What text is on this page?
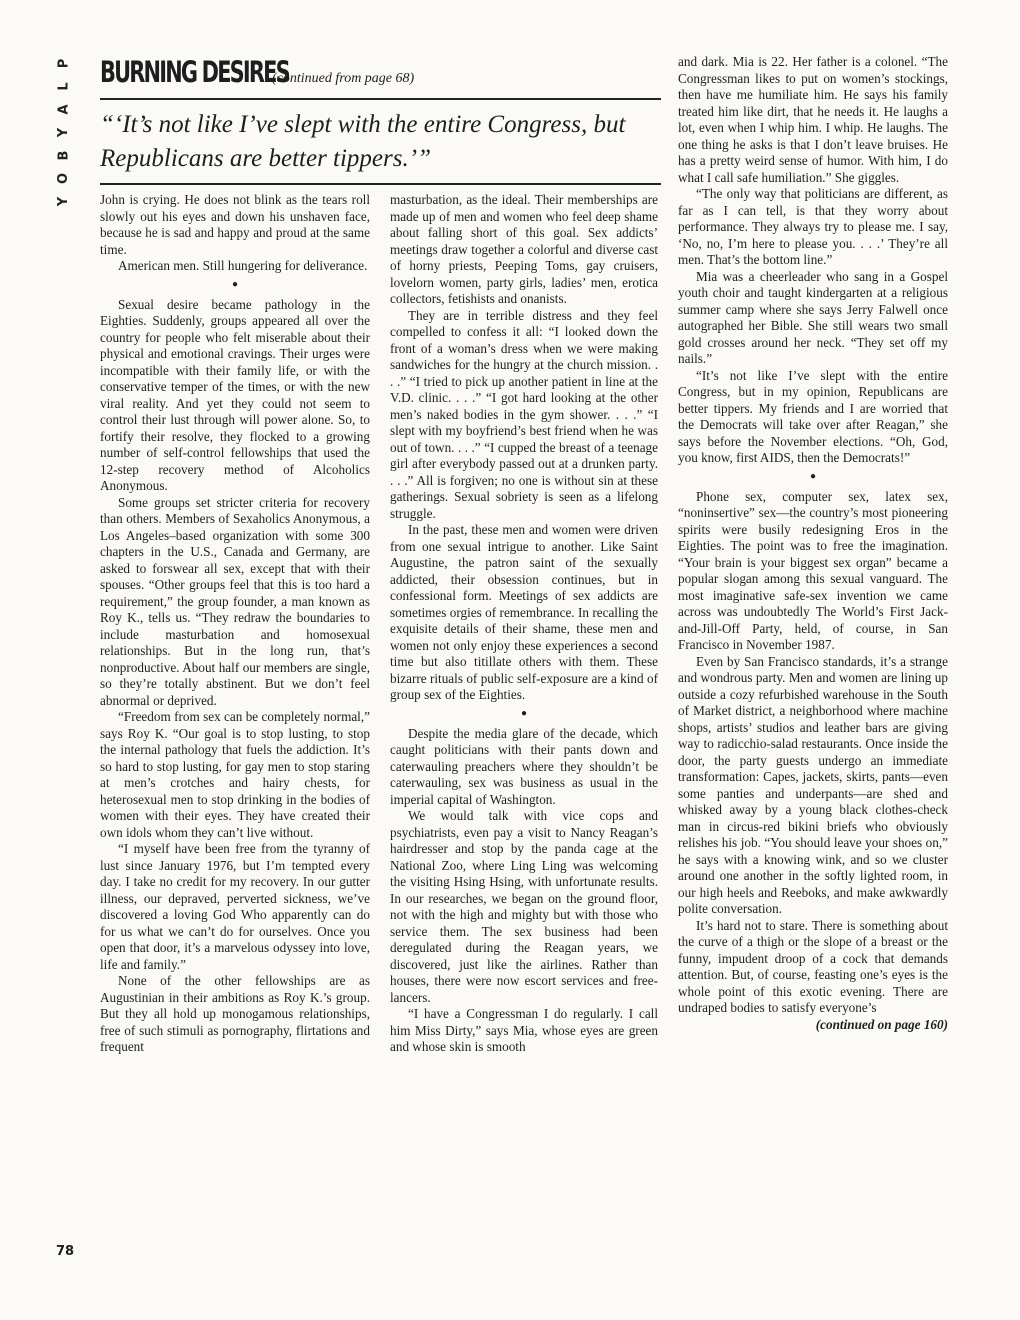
P
L
A
Y
B
O
Y
78
BURNING DESIRES
(continued from page 68)
“‘It’s not like I’ve slept with the entire Congress, but Republicans are better tippers.’”

John is crying. He does not blink as the tears roll slowly out his eyes and down his unshaven face, because he is sad and happy and proud at the same time.

American men. Still hungering for deliverance.

●

Sexual desire became pathology in the Eighties. Suddenly, groups appeared all over the country for people who felt miserable about their physical and emotional cravings. Their urges were incompatible with their family life, or with the conservative temper of the times, or with the new viral reality. And yet they could not seem to control their lust through will power alone. So, to fortify their resolve, they flocked to a growing number of self-control fellowships that used the 12-step recovery method of Alcoholics Anonymous.

Some groups set stricter criteria for recovery than others. Members of Sexaholics Anonymous, a Los Angeles–based organization with some 300 chapters in the U.S., Canada and Germany, are asked to forswear all sex, except that with their spouses. “Other groups feel that this is too hard a requirement,” the group founder, a man known as Roy K., tells us. “They redraw the boundaries to include masturbation and homosexual relationships. But in the long run, that’s nonproductive. About half our members are single, so they’re totally abstinent. But we don’t feel abnormal or deprived.

“Freedom from sex can be completely normal,” says Roy K. “Our goal is to stop lusting, to stop the internal pathology that fuels the addiction. It’s so hard to stop lusting, for gay men to stop staring at men’s crotches and hairy chests, for heterosexual men to stop drinking in the bodies of women with their eyes. They have created their own idols whom they can’t live without.

“I myself have been free from the tyranny of lust since January 1976, but I’m tempted every day. I take no credit for my recovery. In our gutter illness, our depraved, perverted sickness, we’ve discovered a loving God Who apparently can do for us what we can’t do for ourselves. Once you open that door, it’s a marvelous odyssey into love, life and family.”

None of the other fellowships are as Augustinian in their ambitions as Roy K.’s group. But they all hold up monogamous relationships, free of such stimuli as pornography, flirtations and frequent

masturbation, as the ideal. Their memberships are made up of men and women who feel deep shame about falling short of this goal. Sex addicts’ meetings draw together a colorful and diverse cast of horny priests, Peeping Toms, gay cruisers, lovelorn women, party girls, ladies’ men, erotica collectors, fetishists and onanists.

They are in terrible distress and they feel compelled to confess it all: “I looked down the front of a woman’s dress when we were making sandwiches for the hungry at the church mission. . . .” “I tried to pick up another patient in line at the V.D. clinic. . . .” “I got hard looking at the other men’s naked bodies in the gym shower. . . .” “I slept with my boyfriend’s best friend when he was out of town. . . .” “I cupped the breast of a teenage girl after everybody passed out at a drunken party. . . .” All is forgiven; no one is without sin at these gatherings. Sexual sobriety is seen as a lifelong struggle.

In the past, these men and women were driven from one sexual intrigue to another. Like Saint Augustine, the patron saint of the sexually addicted, their obsession continues, but in confessional form. Meetings of sex addicts are sometimes orgies of remembrance. In recalling the exquisite details of their shame, these men and women not only enjoy these experiences a second time but also titillate others with them. These bizarre rituals of public self-exposure are a kind of group sex of the Eighties.

●

Despite the media glare of the decade, which caught politicians with their pants down and caterwauling preachers where they shouldn’t be caterwauling, sex was business as usual in the imperial capital of Washington.

We would talk with vice cops and psychiatrists, even pay a visit to Nancy Reagan’s hairdresser and stop by the panda cage at the National Zoo, where Ling Ling was welcoming the visiting Hsing Hsing, with unfortunate results. In our researches, we began on the ground floor, not with the high and mighty but with those who service them. The sex business had been deregulated during the Reagan years, we discovered, just like the airlines. Rather than houses, there were now escort services and free-lancers.

“I have a Congressman I do regularly. I call him Miss Dirty,” says Mia, whose eyes are green and whose skin is smooth

and dark. Mia is 22. Her father is a colonel. “The Congressman likes to put on women’s stockings, then have me humiliate him. He says his family treated him like dirt, that he needs it. He laughs a lot, even when I whip him. I whip. He laughs. The one thing he asks is that I don’t leave bruises. He has a pretty weird sense of humor. With him, I do what I call safe humiliation.” She giggles.

“The only way that politicians are different, as far as I can tell, is that they worry about performance. They always try to please me. I say, ‘No, no, I’m here to please you. . . .’ They’re all men. That’s the bottom line.”

Mia was a cheerleader who sang in a Gospel youth choir and taught kindergarten at a religious summer camp where she says Jerry Falwell once autographed her Bible. She still wears two small gold crosses around her neck. “They set off my nails.”

“It’s not like I’ve slept with the entire Congress, but in my opinion, Republicans are better tippers. My friends and I are worried that the Democrats will take over after Reagan,” she says before the November elections. “Oh, God, you know, first AIDS, then the Democrats!”

●

Phone sex, computer sex, latex sex, “noninsertive” sex—the country’s most pioneering spirits were busily redesigning Eros in the Eighties. The point was to free the imagination. “Your brain is your biggest sex organ” became a popular slogan among this sexual vanguard. The most imaginative safe-sex invention we came across was undoubtedly The World’s First Jack-and-Jill-Off Party, held, of course, in San Francisco in November 1987.

Even by San Francisco standards, it’s a strange and wondrous party. Men and women are lining up outside a cozy refurbished warehouse in the South of Market district, a neighborhood where machine shops, artists’ studios and leather bars are giving way to radicchio-salad restaurants. Once inside the door, the party guests undergo an immediate transformation: Capes, jackets, skirts, pants—even some panties and underpants—are shed and whisked away by a young black clothes-check man in circus-red bikini briefs who obviously relishes his job. “You should leave your shoes on,” he says with a knowing wink, and so we cluster around one another in the softly lighted room, in our high heels and Reeboks, and make awkwardly polite conversation.

It’s hard not to stare. There is something about the curve of a thigh or the slope of a breast or the funny, impudent droop of a cock that demands attention. But, of course, feasting one’s eyes is the whole point of this exotic evening. There are undraped bodies to satisfy everyone’s

(continued on page 160)
